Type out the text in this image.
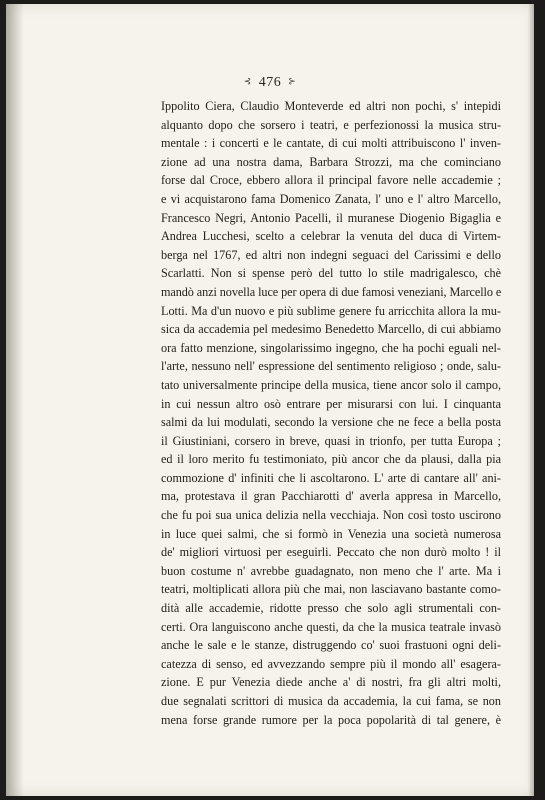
⊰ 476 ⊱
Ippolito Ciera, Claudio Monteverde ed altri non pochi, s' intepidi
alquanto dopo che sorsero i teatri, e perfezionossi la musica stru-
mentale : i concerti e le cantate, di cui molti attribuiscono l' inven-
zione ad una nostra dama, Barbara Strozzi, ma che cominciano
forse dal Croce, ebbero allora il principal favore nelle accademie ;
e vi acquistarono fama Domenico Zanata, l' uno e l' altro Marcello,
Francesco Negri, Antonio Pacelli, il muranese Diogenio Bigaglia e
Andrea Lucchesi, scelto a celebrar la venuta del duca di Virtem-
berga nel 1767, ed altri non indegni seguaci del Carissimi e dello
Scarlatti. Non si spense però del tutto lo stile madrigalesco, chè
mandò anzi novella luce per opera di due famosi veneziani, Marcello e
Lotti. Ma d'un nuovo e più sublime genere fu arricchita allora la mu-
sica da accademia pel medesimo Benedetto Marcello, di cui abbiamo
ora fatto menzione, singolarissimo ingegno, che ha pochi eguali nel-
l'arte, nessuno nell' espressione del sentimento religioso ; onde, salu-
tato universalmente principe della musica, tiene ancor solo il campo,
in cui nessun altro osò entrare per misurarsi con lui. I cinquanta
salmi da lui modulati, secondo la versione che ne fece a bella posta
il Giustiniani, corsero in breve, quasi in trionfo, per tutta Europa ;
ed il loro merito fu testimoniato, più ancor che da plausi, dalla pia
commozione d' infiniti che li ascoltarono. L' arte di cantare all' ani-
ma, protestava il gran Pacchiarotti d' averla appresa in Marcello,
che fu poi sua unica delizia nella vecchiaja. Non così tosto uscirono
in luce quei salmi, che si formò in Venezia una società numerosa
de' migliori virtuosi per eseguirli. Peccato che non durò molto ! il
buon costume n' avrebbe guadagnato, non meno che l' arte. Ma i
teatri, moltiplicati allora più che mai, non lasciavano bastante como-
dità alle accademie, ridotte presso che solo agli strumentali con-
certi. Ora languiscono anche questi, da che la musica teatrale invasò
anche le sale e le stanze, distruggendo co' suoi frastuoni ogni deli-
catezza di senso, ed avvezzando sempre più il mondo all' esagera-
zione. E pur Venezia diede anche a' di nostri, fra gli altri molti,
due segnalati scrittori di musica da accademia, la cui fama, se non
mena forse grande rumore per la poca popolarità di tal genere, è
